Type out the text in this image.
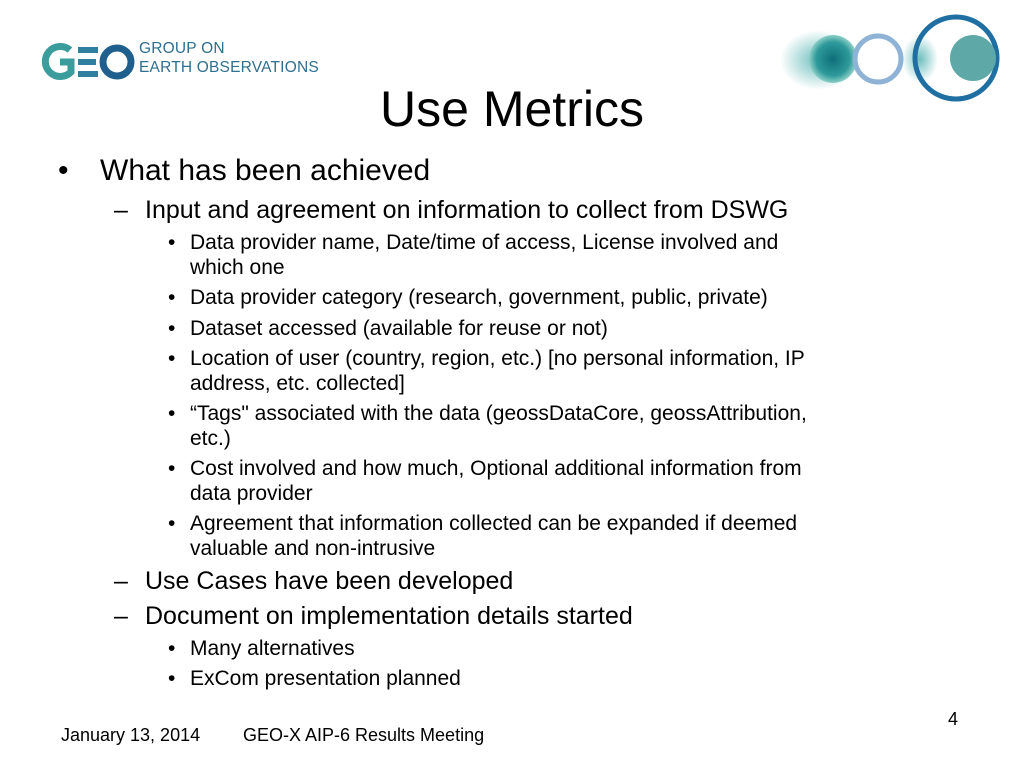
GROUP ON
EARTH OBSERVATIONS
Use Metrics
• What has been achieved
– Input and agreement on information to collect from DSWG
• Data provider name, Date/time of access, License involved and
which one
• Data provider category (research, government, public, private)
• Dataset accessed (available for reuse or not)
• Location of user (country, region, etc.) [no personal information, IP
address, etc. collected]
• “Tags" associated with the data (geossDataCore, geossAttribution,
etc.)
• Cost involved and how much, Optional additional information from
data provider
• Agreement that information collected can be expanded if deemed
valuable and non-intrusive
– Use Cases have been developed
– Document on implementation details started
• Many alternatives
• ExCom presentation planned
January 13, 2014 GEO-X AIP-6 Results Meeting
4
